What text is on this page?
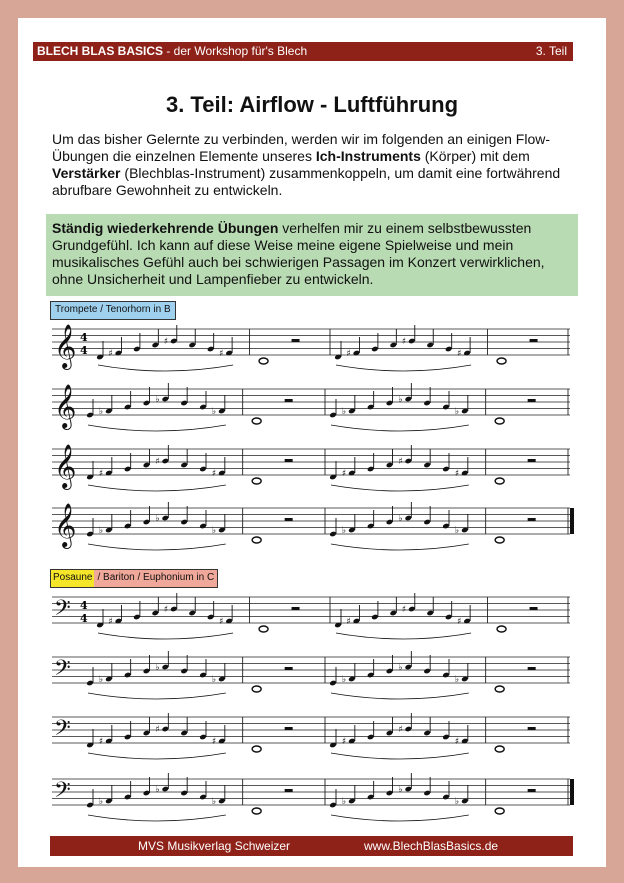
BLECH BLAS BASICS - der Workshop für's Blech	3. Teil
3. Teil: Airflow - Luftführung
Um das bisher Gelernte zu verbinden, werden wir im folgenden an einigen Flow-Übungen die einzelnen Elemente unseres Ich-Instruments (Körper) mit dem Verstärker (Blechblas-Instrument) zusammenkoppeln, um damit eine fortwährend abrufbare Gewohnheit zu entwickeln.

Ständig wiederkehrende Übungen verhelfen mir zu einem selbstbewussten Grundgefühl. Ich kann auf diese Weise meine eigene Spielweise und mein musikalisches Gefühl auch bei schwierigen Passagen im Konzert verwirklichen, ohne Unsicherheit und Lampenfieber zu entwickeln.

Trompete / Tenorhorn in B
Posaune / Bariton / Euphonium in C
𝄞 4
4 ♯
♯
♯	♯
♯
♯
𝄞 ♭
♭
♭	♭
♭
♭
𝄞 ♯
♯
♯	♯
♯
♯
𝄞 ♭
♭
♭	♭
♭
♭
𝄢 4
4 ♯
♯
♯	♯
♯
♯
𝄢	♭
♭
♭	♭
♭
♭
𝄢	♯
♯
♯	♯
♯
♯
𝄢	♭
♭
♭	♭
♭
♭
MVS Musikverlag Schweizer	www.BlechBlasBasics.de
